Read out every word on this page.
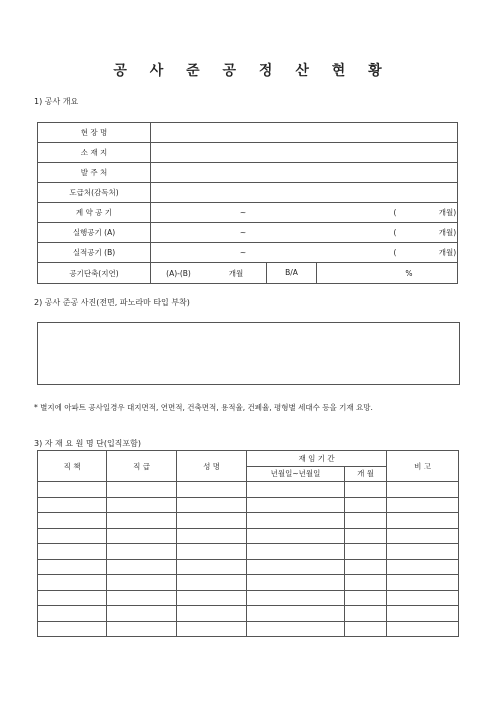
공 사 준 공 정 산 현 황
1) 공사 개요
현 장 명	
소 재 지	
발 주 처	
도급처(감독처)	
계 약 공 기	~ ( 개월)

실행공기 (A)	~ ( 개월)

실적공기 (B)	~ ( 개월)

공기단축(지연)	(A)-(B) 개월 B/A %
2) 공사 준공 사진(전면, 파노라마 타입 부착)
* 별지에 아파트 공사일경우 대지면적, 연면적, 건축면적, 용적율, 건폐율, 평형별 세대수 등을 기재 요망.
3) 자 재 요 원 명 단(입직포함)
직 책	직 급	성 명	재 임 기 간		비 고
			년월일~년월일	개 월	
